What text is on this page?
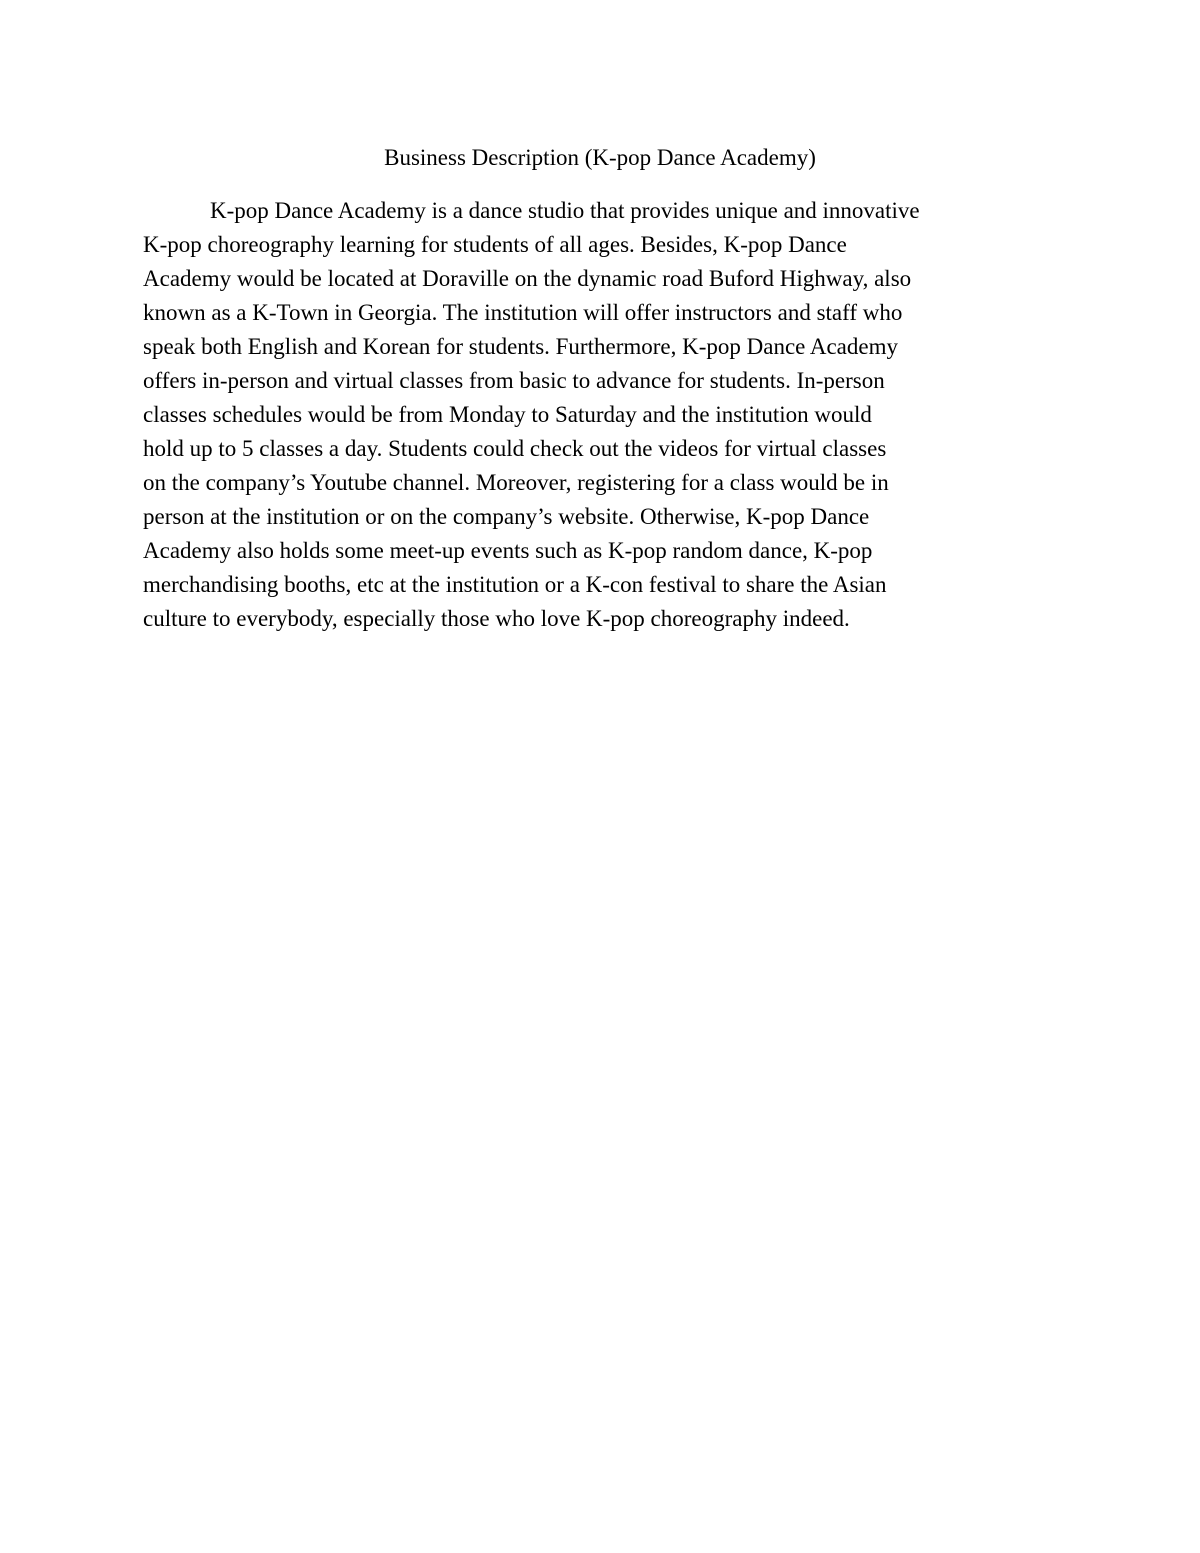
Business Description (K-pop Dance Academy)
K-pop Dance Academy is a dance studio that provides unique and innovative
K-pop choreography learning for students of all ages. Besides, K-pop Dance
Academy would be located at Doraville on the dynamic road Buford Highway, also
known as a K-Town in Georgia. The institution will offer instructors and staff who
speak both English and Korean for students. Furthermore, K-pop Dance Academy
offers in-person and virtual classes from basic to advance for students. In-person
classes schedules would be from Monday to Saturday and the institution would
hold up to 5 classes a day. Students could check out the videos for virtual classes
on the company’s Youtube channel. Moreover, registering for a class would be in
person at the institution or on the company’s website. Otherwise, K-pop Dance
Academy also holds some meet-up events such as K-pop random dance, K-pop
merchandising booths, etc at the institution or a K-con festival to share the Asian
culture to everybody, especially those who love K-pop choreography indeed.
